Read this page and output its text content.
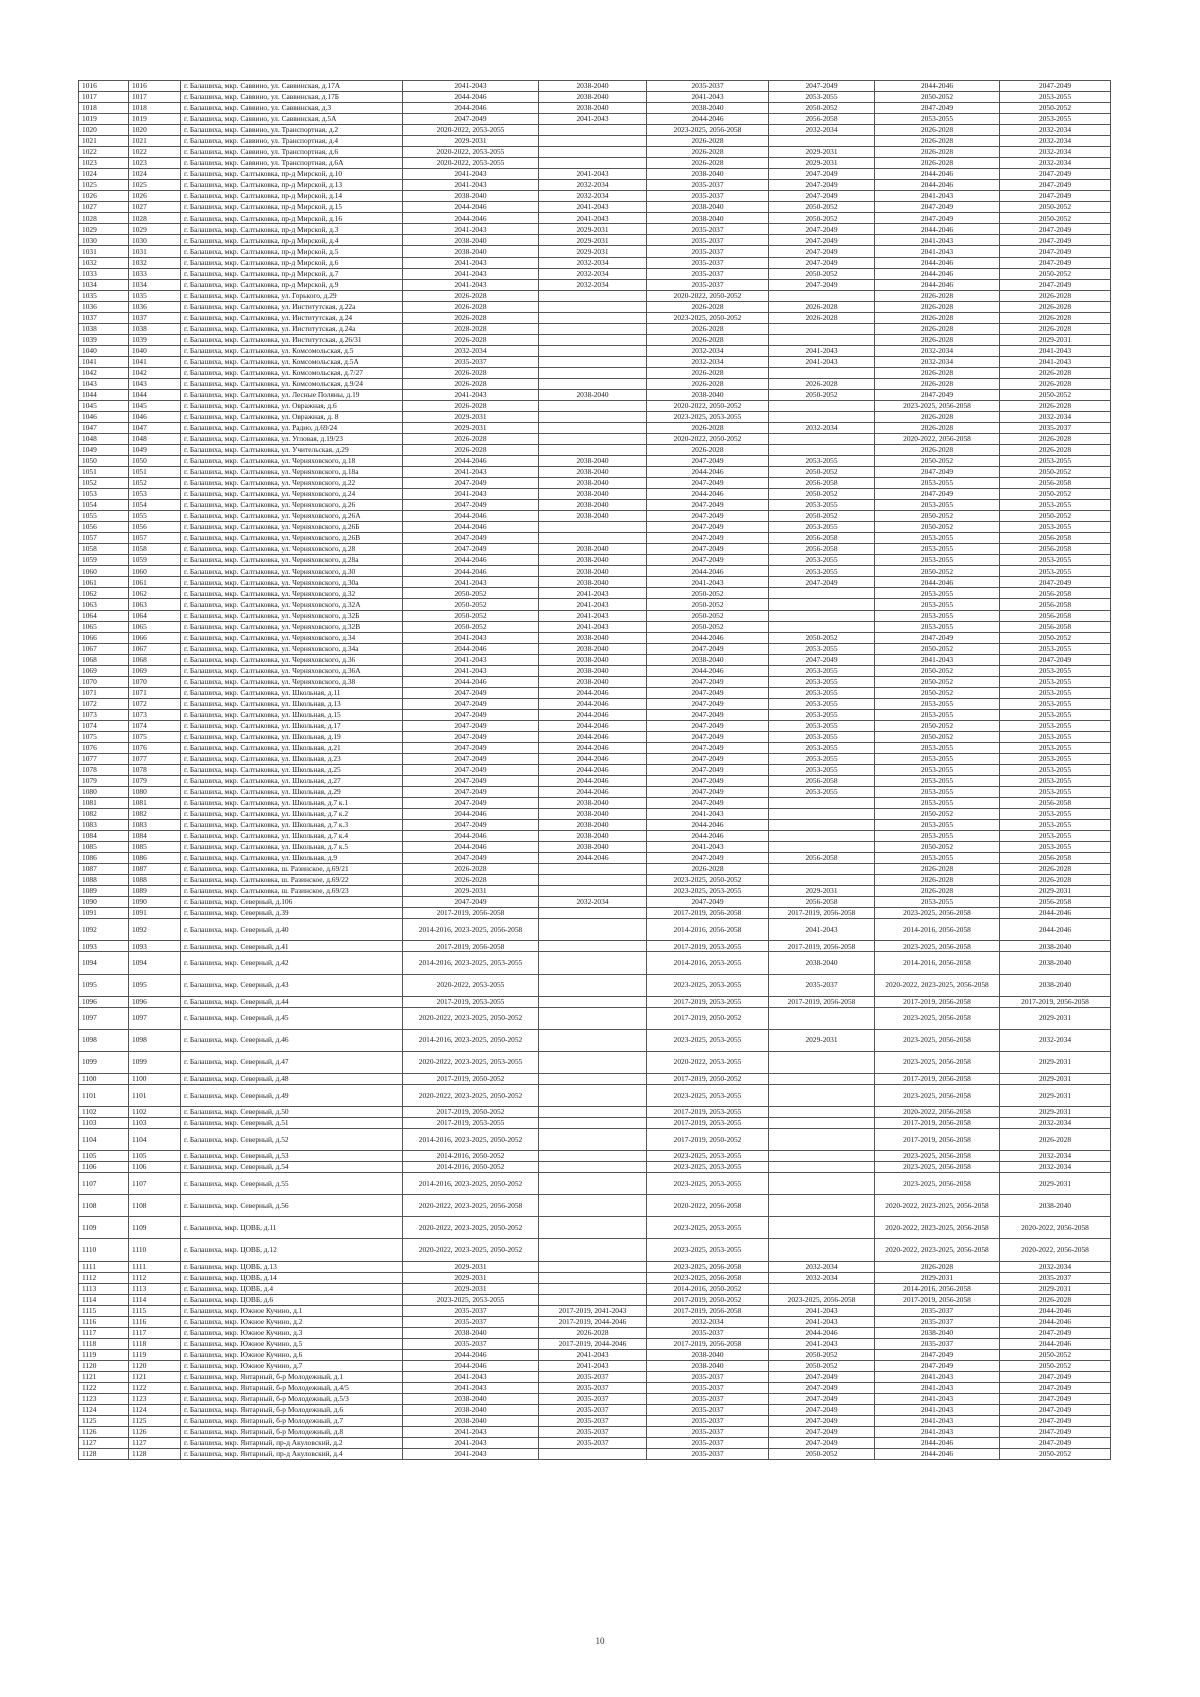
1016	1016	г. Балашиха, мкр. Саввино, ул. Саввинская, д.17А	2041-2043	2038-2040	2035-2037	2047-2049	2044-2046	2047-2049
1017	1017	г. Балашиха, мкр. Саввино, ул. Саввинская, д.17Б	2044-2046	2038-2040	2041-2043	2053-2055	2050-2052	2053-2055
1018	1018	г. Балашиха, мкр. Саввино, ул. Саввинская, д.3	2044-2046	2038-2040	2038-2040	2050-2052	2047-2049	2050-2052
1019	1019	г. Балашиха, мкр. Саввино, ул. Саввинская, д.5А	2047-2049	2041-2043	2044-2046	2056-2058	2053-2055	2053-2055
1020	1020	г. Балашиха, мкр. Саввино, ул. Транспортная, д.2	2020-2022, 2053-2055		2023-2025, 2056-2058	2032-2034	2026-2028	2032-2034
1021	1021	г. Балашиха, мкр. Саввино, ул. Транспортная, д.4	2029-2031		2026-2028		2026-2028	2032-2034
1022	1022	г. Балашиха, мкр. Саввино, ул. Транспортная, д.6	2020-2022, 2053-2055		2026-2028	2029-2031	2026-2028	2032-2034
1023	1023	г. Балашиха, мкр. Саввино, ул. Транспортная, д.6А	2020-2022, 2053-2055		2026-2028	2029-2031	2026-2028	2032-2034
1024	1024	г. Балашиха, мкр. Салтыковка, пр-д Мирской, д.10	2041-2043	2041-2043	2038-2040	2047-2049	2044-2046	2047-2049
1025	1025	г. Балашиха, мкр. Салтыковка, пр-д Мирской, д.13	2041-2043	2032-2034	2035-2037	2047-2049	2044-2046	2047-2049
1026	1026	г. Балашиха, мкр. Салтыковка, пр-д Мирской, д.14	2038-2040	2032-2034	2035-2037	2047-2049	2041-2043	2047-2049
1027	1027	г. Балашиха, мкр. Салтыковка, пр-д Мирской, д.15	2044-2046	2041-2043	2038-2040	2050-2052	2047-2049	2050-2052
1028	1028	г. Балашиха, мкр. Салтыковка, пр-д Мирской, д.16	2044-2046	2041-2043	2038-2040	2050-2052	2047-2049	2050-2052
1029	1029	г. Балашиха, мкр. Салтыковка, пр-д Мирской, д.3	2041-2043	2029-2031	2035-2037	2047-2049	2044-2046	2047-2049
1030	1030	г. Балашиха, мкр. Салтыковка, пр-д Мирской, д.4	2038-2040	2029-2031	2035-2037	2047-2049	2041-2043	2047-2049
1031	1031	г. Балашиха, мкр. Салтыковка, пр-д Мирской, д.5	2038-2040	2029-2031	2035-2037	2047-2049	2041-2043	2047-2049
1032	1032	г. Балашиха, мкр. Салтыковка, пр-д Мирской, д.6	2041-2043	2032-2034	2035-2037	2047-2049	2044-2046	2047-2049
1033	1033	г. Балашиха, мкр. Салтыковка, пр-д Мирской, д.7	2041-2043	2032-2034	2035-2037	2050-2052	2044-2046	2050-2052
1034	1034	г. Балашиха, мкр. Салтыковка, пр-д Мирской, д.9	2041-2043	2032-2034	2035-2037	2047-2049	2044-2046	2047-2049
1035	1035	г. Балашиха, мкр. Салтыковка, ул. Горького, д.29	2026-2028		2020-2022, 2050-2052		2026-2028	2026-2028
1036	1036	г. Балашиха, мкр. Салтыковка, ул. Институтская, д.22а	2026-2028		2026-2028	2026-2028	2026-2028	2026-2028
1037	1037	г. Балашиха, мкр. Салтыковка, ул. Институтская, д.24	2026-2028		2023-2025, 2050-2052	2026-2028	2026-2028	2026-2028
1038	1038	г. Балашиха, мкр. Салтыковка, ул. Институтская, д.24а	2028-2028		2026-2028		2026-2028	2026-2028
1039	1039	г. Балашиха, мкр. Салтыковка, ул. Институтская, д.26/31	2026-2028		2026-2028		2026-2028	2029-2031
1040	1040	г. Балашиха, мкр. Салтыковка, ул. Комсомольская, д.5	2032-2034		2032-2034	2041-2043	2032-2034	2041-2043
1041	1041	г. Балашиха, мкр. Салтыковка, ул. Комсомольская, д.5А	2035-2037		2032-2034	2041-2043	2032-2034	2041-2043
1042	1042	г. Балашиха, мкр. Салтыковка, ул. Комсомольская, д.7/27	2026-2028		2026-2028		2026-2028	2026-2028
1043	1043	г. Балашиха, мкр. Салтыковка, ул. Комсомольская, д.9/24	2026-2028		2026-2028	2026-2028	2026-2028	2026-2028
1044	1044	г. Балашиха, мкр. Салтыковка, ул. Лесные Поляны, д.19	2041-2043	2038-2040	2038-2040	2050-2052	2047-2049	2050-2052
1045	1045	г. Балашиха, мкр. Салтыковка, ул. Овражная, д.6	2026-2028		2020-2022, 2050-2052		2023-2025, 2056-2058	2026-2028
1046	1046	г. Балашиха, мкр. Салтыковка, ул. Овражная, д. 8	2029-2031		2023-2025, 2053-2055		2026-2028	2032-2034
1047	1047	г. Балашиха, мкр. Салтыковка, ул. Радио, д.69/24	2029-2031		2026-2028	2032-2034	2026-2028	2035-2037
1048	1048	г. Балашиха, мкр. Салтыковка, ул. Угловая, д.19/23	2026-2028		2020-2022, 2050-2052		2020-2022, 2056-2058	2026-2028
1049	1049	г. Балашиха, мкр. Салтыковка, ул. Учительская, д.29	2026-2028		2026-2028		2026-2028	2026-2028
1050	1050	г. Балашиха, мкр. Салтыковка, ул. Черняховского, д.18	2044-2046	2038-2040	2047-2049	2053-2055	2050-2052	2053-2055
1051	1051	г. Балашиха, мкр. Салтыковка, ул. Черняховского, д.18а	2041-2043	2038-2040	2044-2046	2050-2052	2047-2049	2050-2052
1052	1052	г. Балашиха, мкр. Салтыковка, ул. Черняховского, д.22	2047-2049	2038-2040	2047-2049	2056-2058	2053-2055	2056-2058
1053	1053	г. Балашиха, мкр. Салтыковка, ул. Черняховского, д.24	2041-2043	2038-2040	2044-2046	2050-2052	2047-2049	2050-2052
1054	1054	г. Балашиха, мкр. Салтыковка, ул. Черняховского, д.26	2047-2049	2038-2040	2047-2049	2053-2055	2053-2055	2053-2055
1055	1055	г. Балашиха, мкр. Салтыковка, ул. Черняховского, д.26А	2044-2046	2038-2040	2047-2049	2050-2052	2050-2052	2050-2052
1056	1056	г. Балашиха, мкр. Салтыковка, ул. Черняховского, д.26Б	2044-2046		2047-2049	2053-2055	2050-2052	2053-2055
1057	1057	г. Балашиха, мкр. Салтыковка, ул. Черняховского, д.26В	2047-2049		2047-2049	2056-2058	2053-2055	2056-2058
1058	1058	г. Балашиха, мкр. Салтыковка, ул. Черняховского, д.28	2047-2049	2038-2040	2047-2049	2056-2058	2053-2055	2056-2058
1059	1059	г. Балашиха, мкр. Салтыковка, ул. Черняховского, д.28а	2044-2046	2038-2040	2047-2049	2053-2055	2053-2055	2053-2055
1060	1060	г. Балашиха, мкр. Салтыковка, ул. Черняховского, д.30	2044-2046	2038-2040	2044-2046	2053-2055	2050-2052	2053-2055
1061	1061	г. Балашиха, мкр. Салтыковка, ул. Черняховского, д.30а	2041-2043	2038-2040	2041-2043	2047-2049	2044-2046	2047-2049
1062	1062	г. Балашиха, мкр. Салтыковка, ул. Черняховского, д.32	2050-2052	2041-2043	2050-2052		2053-2055	2056-2058
1063	1063	г. Балашиха, мкр. Салтыковка, ул. Черняховского, д.32А	2050-2052	2041-2043	2050-2052		2053-2055	2056-2058
1064	1064	г. Балашиха, мкр. Салтыковка, ул. Черняховского, д.32Б	2050-2052	2041-2043	2050-2052		2053-2055	2056-2058
1065	1065	г. Балашиха, мкр. Салтыковка, ул. Черняховского, д.32В	2050-2052	2041-2043	2050-2052		2053-2055	2056-2058
1066	1066	г. Балашиха, мкр. Салтыковка, ул. Черняховского, д.34	2041-2043	2038-2040	2044-2046	2050-2052	2047-2049	2050-2052
1067	1067	г. Балашиха, мкр. Салтыковка, ул. Черняховского, д.34а	2044-2046	2038-2040	2047-2049	2053-2055	2050-2052	2053-2055
1068	1068	г. Балашиха, мкр. Салтыковка, ул. Черняховского, д.36	2041-2043	2038-2040	2038-2040	2047-2049	2041-2043	2047-2049
1069	1069	г. Балашиха, мкр. Салтыковка, ул. Черняховского, д.36А	2041-2043	2038-2040	2044-2046	2053-2055	2050-2052	2053-2055
1070	1070	г. Балашиха, мкр. Салтыковка, ул. Черняховского, д.38	2044-2046	2038-2040	2047-2049	2053-2055	2050-2052	2053-2055
1071	1071	г. Балашиха, мкр. Салтыковка, ул. Школьная, д.11	2047-2049	2044-2046	2047-2049	2053-2055	2050-2052	2053-2055
1072	1072	г. Балашиха, мкр. Салтыковка, ул. Школьная, д.13	2047-2049	2044-2046	2047-2049	2053-2055	2053-2055	2053-2055
1073	1073	г. Балашиха, мкр. Салтыковка, ул. Школьная, д.15	2047-2049	2044-2046	2047-2049	2053-2055	2053-2055	2053-2055
1074	1074	г. Балашиха, мкр. Салтыковка, ул. Школьная, д.17	2047-2049	2044-2046	2047-2049	2053-2055	2050-2052	2053-2055
1075	1075	г. Балашиха, мкр. Салтыковка, ул. Школьная, д.19	2047-2049	2044-2046	2047-2049	2053-2055	2050-2052	2053-2055
1076	1076	г. Балашиха, мкр. Салтыковка, ул. Школьная, д.21	2047-2049	2044-2046	2047-2049	2053-2055	2053-2055	2053-2055
1077	1077	г. Балашиха, мкр. Салтыковка, ул. Школьная, д.23	2047-2049	2044-2046	2047-2049	2053-2055	2053-2055	2053-2055
1078	1078	г. Балашиха, мкр. Салтыковка, ул. Школьная, д.25	2047-2049	2044-2046	2047-2049	2053-2055	2053-2055	2053-2055
1079	1079	г. Балашиха, мкр. Салтыковка, ул. Школьная, д.27	2047-2049	2044-2046	2047-2049	2056-2058	2053-2055	2053-2055
1080	1080	г. Балашиха, мкр. Салтыковка, ул. Школьная, д.29	2047-2049	2044-2046	2047-2049	2053-2055	2053-2055	2053-2055
1081	1081	г. Балашиха, мкр. Салтыковка, ул. Школьная, д.7 к.1	2047-2049	2038-2040	2047-2049		2053-2055	2056-2058
1082	1082	г. Балашиха, мкр. Салтыковка, ул. Школьная, д.7 к.2	2044-2046	2038-2040	2041-2043		2050-2052	2053-2055
1083	1083	г. Балашиха, мкр. Салтыковка, ул. Школьная, д.7 к.3	2047-2049	2038-2040	2044-2046		2053-2055	2053-2055
1084	1084	г. Балашиха, мкр. Салтыковка, ул. Школьная, д.7 к.4	2044-2046	2038-2040	2044-2046		2053-2055	2053-2055
1085	1085	г. Балашиха, мкр. Салтыковка, ул. Школьная, д.7 к.5	2044-2046	2038-2040	2041-2043		2050-2052	2053-2055
1086	1086	г. Балашиха, мкр. Салтыковка, ул. Школьная, д.9	2047-2049	2044-2046	2047-2049	2056-2058	2053-2055	2056-2058
1087	1087	г. Балашиха, мкр. Салтыковка, ш. Разинское, д.69/21	2026-2028		2026-2028		2026-2028	2026-2028
1088	1088	г. Балашиха, мкр. Салтыковка, ш. Разинское, д.69/22	2026-2028		2023-2025, 2050-2052		2026-2028	2026-2028
1089	1089	г. Балашиха, мкр. Салтыковка, ш. Разинское, д.69/23	2029-2031		2023-2025, 2053-2055	2029-2031	2026-2028	2029-2031
1090	1090	г. Балашиха, мкр. Северный, д.106	2047-2049	2032-2034	2047-2049	2056-2058	2053-2055	2056-2058
1091	1091	г. Балашиха, мкр. Северный, д.39	2017-2019, 2056-2058		2017-2019, 2056-2058	2017-2019, 2056-2058	2023-2025, 2056-2058	2044-2046
1092	1092	г. Балашиха, мкр. Северный, д.40	2014-2016, 2023-2025, 2056-2058		2014-2016, 2056-2058	2041-2043	2014-2016, 2056-2058	2044-2046
1093	1093	г. Балашиха, мкр. Северный, д.41	2017-2019, 2056-2058		2017-2019, 2053-2055	2017-2019, 2056-2058	2023-2025, 2056-2058	2038-2040
1094	1094	г. Балашиха, мкр. Северный, д.42	2014-2016, 2023-2025, 2053-2055		2014-2016, 2053-2055	2038-2040	2014-2016, 2056-2058	2038-2040
1095	1095	г. Балашиха, мкр. Северный, д.43	2020-2022, 2053-2055		2023-2025, 2053-2055	2035-2037	2020-2022, 2023-2025, 2056-2058	2038-2040
1096	1096	г. Балашиха, мкр. Северный, д.44	2017-2019, 2053-2055		2017-2019, 2053-2055	2017-2019, 2056-2058	2017-2019, 2056-2058	2017-2019, 2056-2058
1097	1097	г. Балашиха, мкр. Северный, д.45	2020-2022, 2023-2025, 2050-2052		2017-2019, 2050-2052		2023-2025, 2056-2058	2029-2031
1098	1098	г. Балашиха, мкр. Северный, д.46	2014-2016, 2023-2025, 2050-2052		2023-2025, 2053-2055	2029-2031	2023-2025, 2056-2058	2032-2034
1099	1099	г. Балашиха, мкр. Северный, д.47	2020-2022, 2023-2025, 2053-2055		2020-2022, 2053-2055		2023-2025, 2056-2058	2029-2031
1100	1100	г. Балашиха, мкр. Северный, д.48	2017-2019, 2050-2052		2017-2019, 2050-2052		2017-2019, 2056-2058	2029-2031
1101	1101	г. Балашиха, мкр. Северный, д.49	2020-2022, 2023-2025, 2050-2052		2023-2025, 2053-2055		2023-2025, 2056-2058	2029-2031
1102	1102	г. Балашиха, мкр. Северный, д.50	2017-2019, 2050-2052		2017-2019, 2053-2055		2020-2022, 2056-2058	2029-2031
1103	1103	г. Балашиха, мкр. Северный, д.51	2017-2019, 2053-2055		2017-2019, 2053-2055		2017-2019, 2056-2058	2032-2034
1104	1104	г. Балашиха, мкр. Северный, д.52	2014-2016, 2023-2025, 2050-2052		2017-2019, 2050-2052		2017-2019, 2056-2058	2026-2028
1105	1105	г. Балашиха, мкр. Северный, д.53	2014-2016, 2050-2052		2023-2025, 2053-2055		2023-2025, 2056-2058	2032-2034
1106	1106	г. Балашиха, мкр. Северный, д.54	2014-2016, 2050-2052		2023-2025, 2053-2055		2023-2025, 2056-2058	2032-2034
1107	1107	г. Балашиха, мкр. Северный, д.55	2014-2016, 2023-2025, 2050-2052		2023-2025, 2053-2055		2023-2025, 2056-2058	2029-2031
1108	1108	г. Балашиха, мкр. Северный, д.56	2020-2022, 2023-2025, 2056-2058		2020-2022, 2056-2058		2020-2022, 2023-2025, 2056-2058	2038-2040
1109	1109	г. Балашиха, мкр. ЦОВБ, д.11	2020-2022, 2023-2025, 2050-2052		2023-2025, 2053-2055		2020-2022, 2023-2025, 2056-2058	2020-2022, 2056-2058
1110	1110	г. Балашиха, мкр. ЦОВБ, д.12	2020-2022, 2023-2025, 2050-2052		2023-2025, 2053-2055		2020-2022, 2023-2025, 2056-2058	2020-2022, 2056-2058
1111	1111	г. Балашиха, мкр. ЦОВБ, д.13	2029-2031		2023-2025, 2056-2058	2032-2034	2026-2028	2032-2034
1112	1112	г. Балашиха, мкр. ЦОВБ, д.14	2029-2031		2023-2025, 2056-2058	2032-2034	2029-2031	2035-2037
1113	1113	г. Балашиха, мкр. ЦОВБ, д.4	2029-2031		2014-2016, 2050-2052		2014-2016, 2056-2058	2029-2031
1114	1114	г. Балашиха, мкр. ЦОВБ, д.6	2023-2025, 2053-2055		2017-2019, 2050-2052	2023-2025, 2056-2058	2017-2019, 2056-2058	2026-2028
1115	1115	г. Балашиха, мкр. Южное Кучино, д.1	2035-2037	2017-2019, 2041-2043	2017-2019, 2056-2058	2041-2043	2035-2037	2044-2046
1116	1116	г. Балашиха, мкр. Южное Кучино, д.2	2035-2037	2017-2019, 2044-2046	2032-2034	2041-2043	2035-2037	2044-2046
1117	1117	г. Балашиха, мкр. Южное Кучино, д.3	2038-2040	2026-2028	2035-2037	2044-2046	2038-2040	2047-2049
1118	1118	г. Балашиха, мкр. Южное Кучино, д.5	2035-2037	2017-2019, 2044-2046	2017-2019, 2056-2058	2041-2043	2035-2037	2044-2046
1119	1119	г. Балашиха, мкр. Южное Кучино, д.6	2044-2046	2041-2043	2038-2040	2050-2052	2047-2049	2050-2052
1120	1120	г. Балашиха, мкр. Южное Кучино, д.7	2044-2046	2041-2043	2038-2040	2050-2052	2047-2049	2050-2052
1121	1121	г. Балашиха, мкр. Янтарный, б-р Молодежный, д.1	2041-2043	2035-2037	2035-2037	2047-2049	2041-2043	2047-2049
1122	1122	г. Балашиха, мкр. Янтарный, б-р Молодежный, д.4/5	2041-2043	2035-2037	2035-2037	2047-2049	2041-2043	2047-2049
1123	1123	г. Балашиха, мкр. Янтарный, б-р Молодежный, д.5/3	2038-2040	2035-2037	2035-2037	2047-2049	2041-2043	2047-2049
1124	1124	г. Балашиха, мкр. Янтарный, б-р Молодежный, д.6	2038-2040	2035-2037	2035-2037	2047-2049	2041-2043	2047-2049
1125	1125	г. Балашиха, мкр. Янтарный, б-р Молодежный, д.7	2038-2040	2035-2037	2035-2037	2047-2049	2041-2043	2047-2049
1126	1126	г. Балашиха, мкр. Янтарный, б-р Молодежный, д.8	2041-2043	2035-2037	2035-2037	2047-2049	2041-2043	2047-2049
1127	1127	г. Балашиха, мкр. Янтарный, пр-д Акуловский, д.2	2041-2043	2035-2037	2035-2037	2047-2049	2044-2046	2047-2049
1128	1128	г. Балашиха, мкр. Янтарный, пр-д Акуловский, д.4	2041-2043		2035-2037	2050-2052	2044-2046	2050-2052
10
